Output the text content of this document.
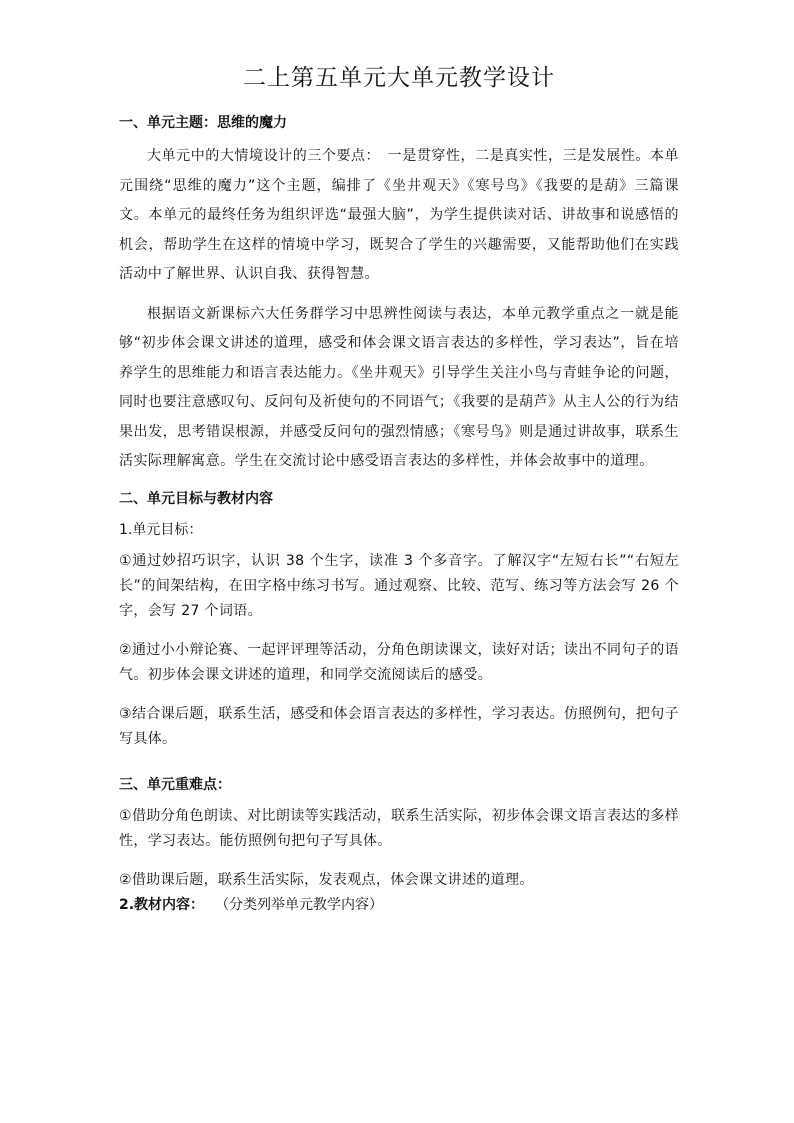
二上第五单元大单元教学设计
一、单元主题：思维的魔力

大单元中的大情境设计的三个要点：　一是贯穿性，二是真实性，三是发展性。本单元围绕“思维的魔力”这个主题，编排了《坐井观天》《寒号鸟》《我要的是葫》三篇课文。本单元的最终任务为组织评选“最强大脑”，为学生提供读对话、讲故事和说感悟的机会，帮助学生在这样的情境中学习，既契合了学生的兴趣需要，又能帮助他们在实践活动中了解世界、认识自我、获得智慧。

根据语文新课标六大任务群学习中思辨性阅读与表达，本单元教学重点之一就是能够“初步体会课文讲述的道理，感受和体会课文语言表达的多样性，学习表达”，旨在培养学生的思维能力和语言表达能力。《坐井观天》引导学生关注小鸟与青蛙争论的问题，同时也要注意感叹句、反问句及祈使句的不同语气；《我要的是葫芦》从主人公的行为结果出发，思考错误根源，并感受反问句的强烈情感；《寒号鸟》则是通过讲故事，联系生活实际理解寓意。学生在交流讨论中感受语言表达的多样性，并体会故事中的道理。

二、单元目标与教材内容
1.单元目标：

①通过妙招巧识字，认识 38 个生字，读准 3 个多音字。了解汉字“左短右长”“右短左长”的间架结构，在田字格中练习书写。通过观察、比较、范写、练习等方法会写 26 个字，会写 27 个词语。

②通过小小辩论赛、一起评评理等活动，分角色朗读课文，读好对话；读出不同句子的语气。初步体会课文讲述的道理，和同学交流阅读后的感受。

③结合课后题，联系生活，感受和体会语言表达的多样性，学习表达。仿照例句，把句子写具体。

三、单元重难点：

①借助分角色朗读、对比朗读等实践活动，联系生活实际，初步体会课文语言表达的多样性，学习表达。能仿照例句把句子写具体。

②借助课后题，联系生活实际，发表观点，体会课文讲述的道理。

2.教材内容： （分类列举单元教学内容）
